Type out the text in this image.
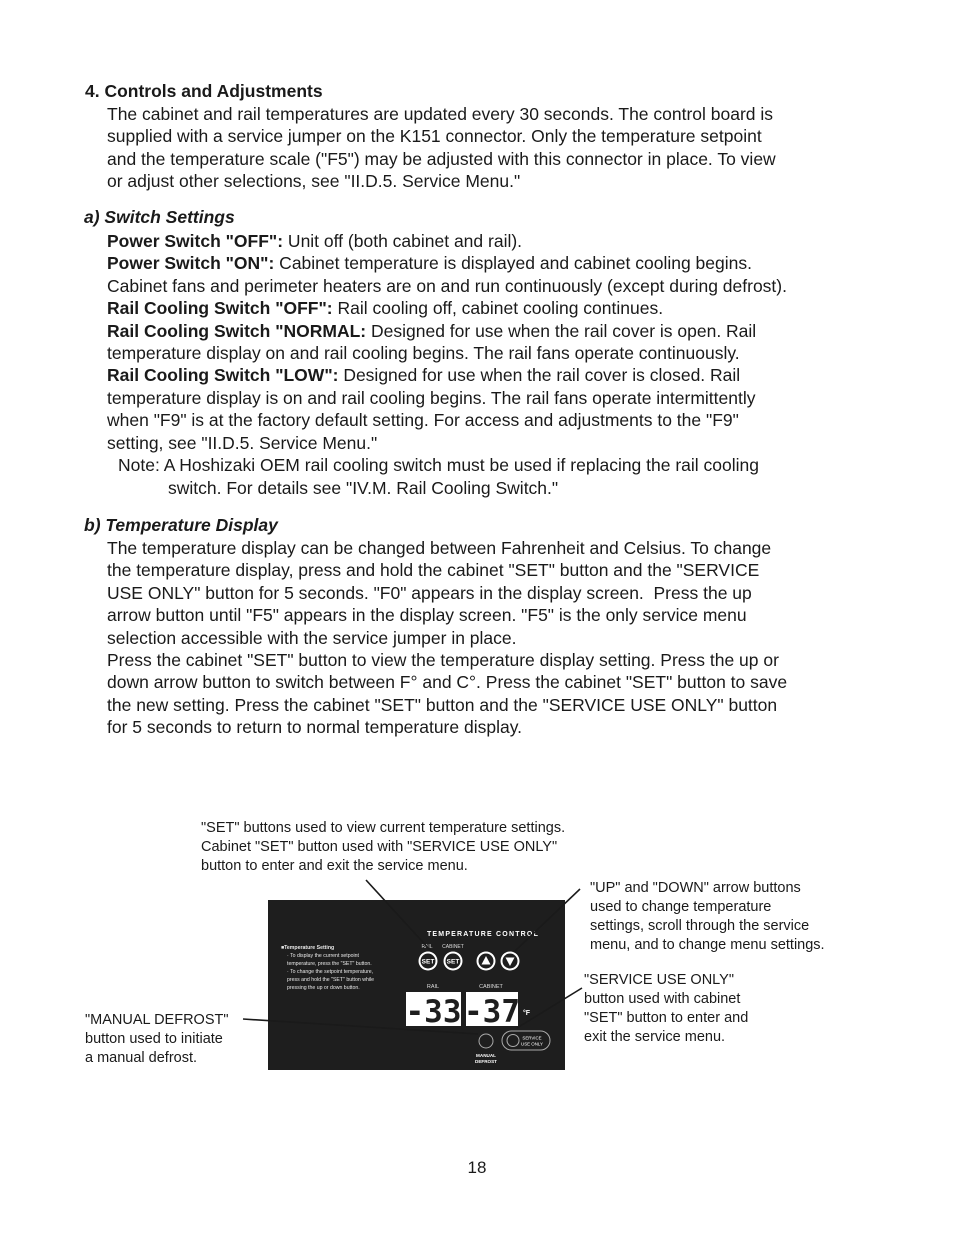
4. Controls and Adjustments
The cabinet and rail temperatures are updated every 30 seconds. The control board is
supplied with a service jumper on the K151 connector. Only the temperature setpoint
and the temperature scale ("F5") may be adjusted with this connector in place. To view
or adjust other selections, see "II.D.5. Service Menu."
a) Switch Settings
Power Switch "OFF": Unit off (both cabinet and rail).
Power Switch "ON": Cabinet temperature is displayed and cabinet cooling begins.
Cabinet fans and perimeter heaters are on and run continuously (except during defrost).
Rail Cooling Switch "OFF": Rail cooling off, cabinet cooling continues.
Rail Cooling Switch "NORMAL: Designed for use when the rail cover is open. Rail
temperature display on and rail cooling begins. The rail fans operate continuously.
Rail Cooling Switch "LOW": Designed for use when the rail cover is closed. Rail
temperature display is on and rail cooling begins. The rail fans operate intermittently
when "F9" is at the factory default setting. For access and adjustments to the "F9"
setting, see "II.D.5. Service Menu."
Note: A Hoshizaki OEM rail cooling switch must be used if replacing the rail cooling
switch. For details see "IV.M. Rail Cooling Switch."
b) Temperature Display
The temperature display can be changed between Fahrenheit and Celsius. To change
the temperature display, press and hold the cabinet "SET" button and the "SERVICE
USE ONLY" button for 5 seconds. "F0" appears in the display screen.  Press the up
arrow button until "F5" appears in the display screen. "F5" is the only service menu
selection accessible with the service jumper in place.
Press the cabinet "SET" button to view the temperature display setting. Press the up or
down arrow button to switch between F° and C°. Press the cabinet "SET" button to save
the new setting. Press the cabinet "SET" button and the "SERVICE USE ONLY" button
for 5 seconds to return to normal temperature display.
"SET" buttons used to view current temperature settings.
Cabinet "SET" button used with "SERVICE USE ONLY"
button to enter and exit the service menu.
"UP" and "DOWN" arrow buttons
used to change temperature
settings, scroll through the service
menu, and to change menu settings.
"SERVICE USE ONLY"
button used with cabinet
"SET" button to enter and
exit the service menu.
"MANUAL DEFROST"
button used to initiate
a manual defrost.
■Temperature Setting
· To display the current setpoint
temperature, press the "SET" button.
· To change the setpoint temperature,
press and hold the "SET" button while
pressing the up or down button.
TEMPERATURE CONTROL
RAIL CABINET
SET SET
RAIL	CABINET
-33 -37 °F
MANUAL
DEFROST
SERVICE
USE ONLY
18
